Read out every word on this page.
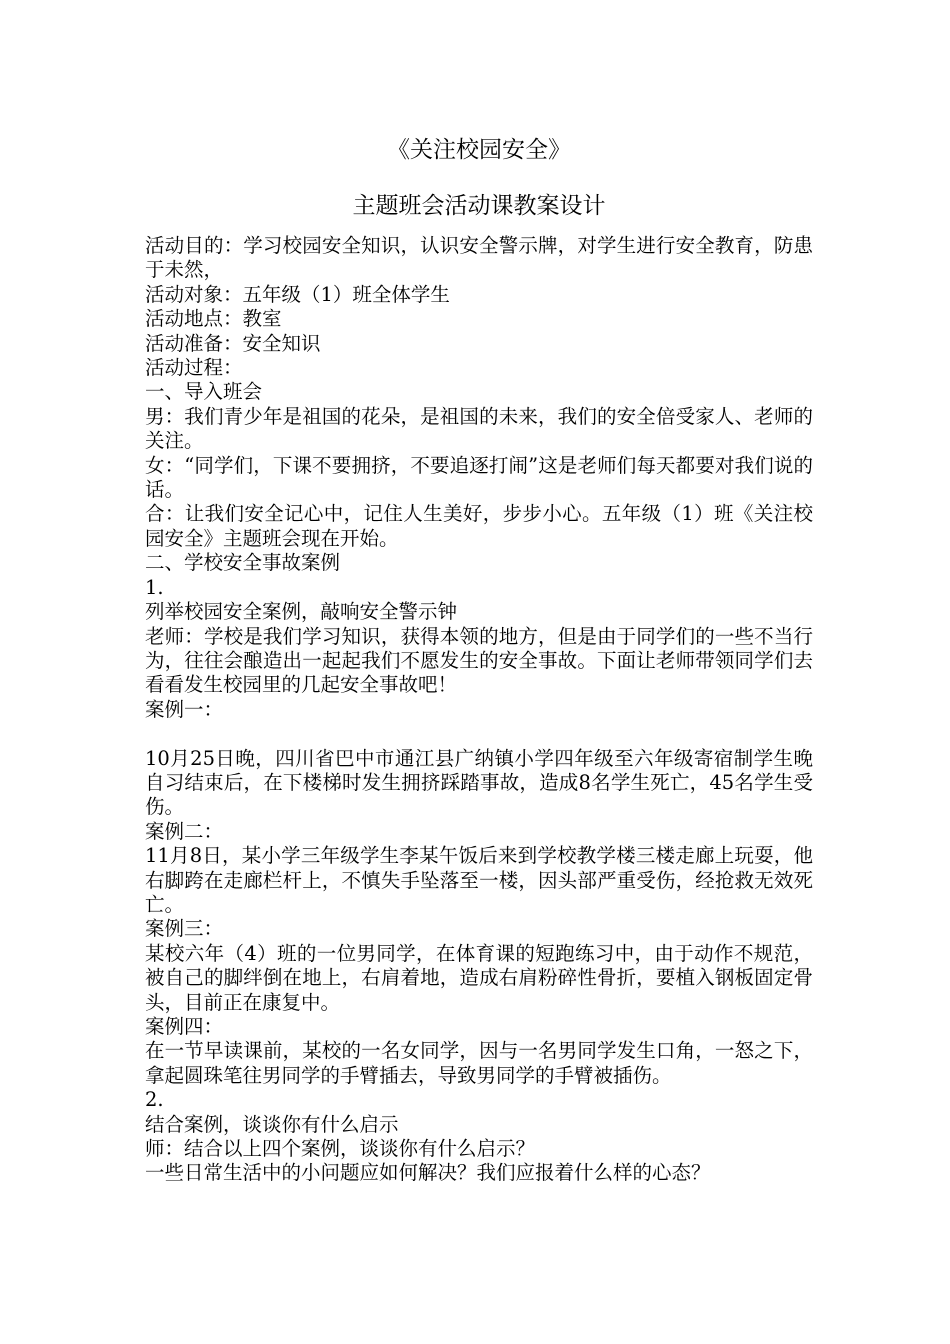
《关注校园安全》
主题班会活动课教案设计

活动目的：学习校园安全知识，认识安全警示牌，对学生进行安全教育，防患于未然，

活动对象：五年级（1）班全体学生

活动地点：教室

活动准备：安全知识

活动过程：

一、导入班会

男：我们青少年是祖国的花朵，是祖国的未来，我们的安全倍受家人、老师的关注。

女：“同学们，下课不要拥挤，不要追逐打闹”这是老师们每天都要对我们说的话。

合：让我们安全记心中，记住人生美好，步步小心。五年级（1）班《关注校园安全》主题班会现在开始。

二、学校安全事故案例

1.

列举校园安全案例，敲响安全警示钟

老师：学校是我们学习知识，获得本领的地方，但是由于同学们的一些不当行为，往往会酿造出一起起我们不愿发生的安全事故。下面让老师带领同学们去看看发生校园里的几起安全事故吧！

案例一：

10月25日晚，四川省巴中市通江县广纳镇小学四年级至六年级寄宿制学生晚自习结束后，在下楼梯时发生拥挤踩踏事故，造成8名学生死亡，45名学生受伤。

案例二：

11月8日，某小学三年级学生李某午饭后来到学校教学楼三楼走廊上玩耍，他右脚跨在走廊栏杆上，不慎失手坠落至一楼，因头部严重受伤，经抢救无效死亡。

案例三：

某校六年（4）班的一位男同学，在体育课的短跑练习中，由于动作不规范，被自己的脚绊倒在地上，右肩着地，造成右肩粉碎性骨折，要植入钢板固定骨头，目前正在康复中。

案例四：

在一节早读课前，某校的一名女同学，因与一名男同学发生口角，一怒之下，拿起圆珠笔往男同学的手臂插去，导致男同学的手臂被插伤。

2.

结合案例，谈谈你有什么启示

师：结合以上四个案例，谈谈你有什么启示？

一些日常生活中的小问题应如何解决？我们应报着什么样的心态？
